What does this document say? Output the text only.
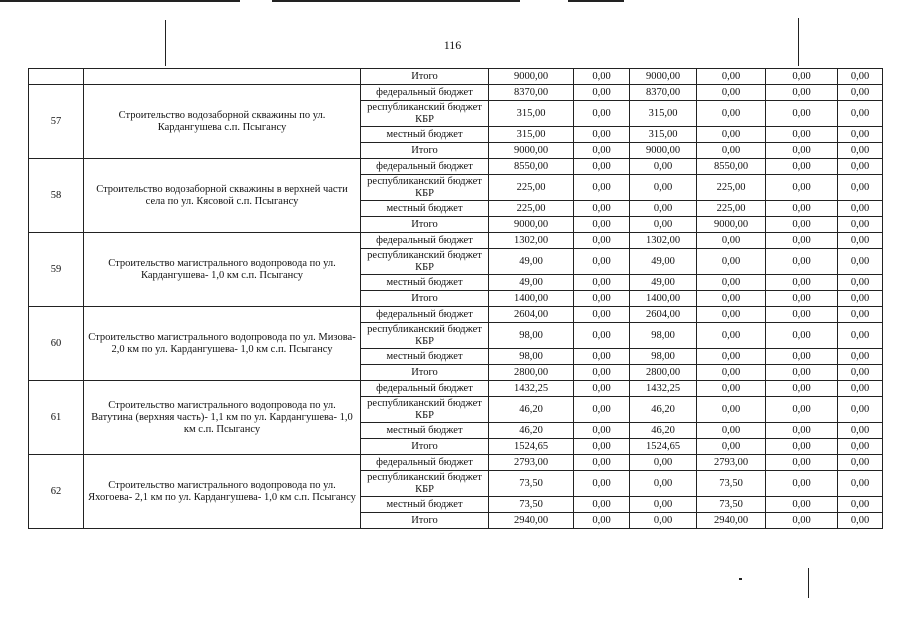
116
		Итого	9000,00	0,00	9000,00	0,00	0,00	0,00
57	Строительство водозаборной скважины по ул. Кардангушева с.п. Псыгансу	федеральный бюджет	8370,00	0,00	8370,00	0,00	0,00	0,00
		республиканский бюджет КБР	315,00	0,00	315,00	0,00	0,00	0,00
		местный бюджет	315,00	0,00	315,00	0,00	0,00	0,00
		Итого	9000,00	0,00	9000,00	0,00	0,00	0,00
58	Строительство водозаборной скважины в верхней части села по ул. Кясовой с.п. Псыгансу	федеральный бюджет	8550,00	0,00	0,00	8550,00	0,00	0,00
		республиканский бюджет КБР	225,00	0,00	0,00	225,00	0,00	0,00
		местный бюджет	225,00	0,00	0,00	225,00	0,00	0,00
		Итого	9000,00	0,00	0,00	9000,00	0,00	0,00
59	Строительство магистрального водопровода по ул. Кардангушева- 1,0 км с.п. Псыгансу	федеральный бюджет	1302,00	0,00	1302,00	0,00	0,00	0,00
		республиканский бюджет КБР	49,00	0,00	49,00	0,00	0,00	0,00
		местный бюджет	49,00	0,00	49,00	0,00	0,00	0,00
		Итого	1400,00	0,00	1400,00	0,00	0,00	0,00
60	Строительство магистрального водопровода по ул. Мизова- 2,0 км по ул. Кардангушева- 1,0 км с.п. Псыгансу	федеральный бюджет	2604,00	0,00	2604,00	0,00	0,00	0,00
		республиканский бюджет КБР	98,00	0,00	98,00	0,00	0,00	0,00
		местный бюджет	98,00	0,00	98,00	0,00	0,00	0,00
		Итого	2800,00	0,00	2800,00	0,00	0,00	0,00
61	Строительство магистрального водопровода по ул. Ватутина (верхняя часть)- 1,1 км по ул. Кардангушева- 1,0 км с.п. Псыгансу	федеральный бюджет	1432,25	0,00	1432,25	0,00	0,00	0,00
		республиканский бюджет КБР	46,20	0,00	46,20	0,00	0,00	0,00
		местный бюджет	46,20	0,00	46,20	0,00	0,00	0,00
		Итого	1524,65	0,00	1524,65	0,00	0,00	0,00
62	Строительство магистрального водопровода по ул. Яхогоева- 2,1 км по ул. Кардангушева- 1,0 км с.п. Псыгансу	федеральный бюджет	2793,00	0,00	0,00	2793,00	0,00	0,00
		республиканский бюджет КБР	73,50	0,00	0,00	73,50	0,00	0,00
		местный бюджет	73,50	0,00	0,00	73,50	0,00	0,00
		Итого	2940,00	0,00	0,00	2940,00	0,00	0,00
